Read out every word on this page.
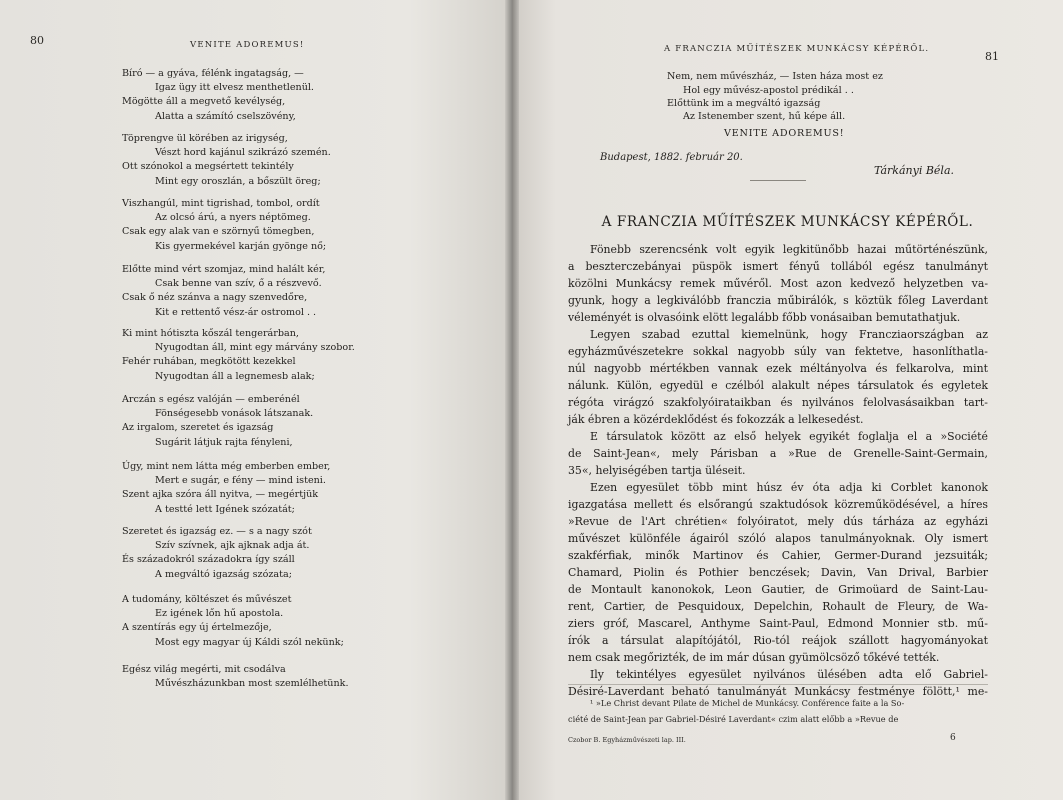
80	VENITE ADOREMUS!
Bíró — a gyáva, félénk ingatagság, —
Igaz ügy itt elvesz menthetlenül.
Mögötte áll a megvető kevélység,
Alatta a számító cselszövény,
Töprengve ül körében az irigység,
Vészt hord kajánul szikrázó szemén.
Ott szónokol a megsértett tekintély
Mint egy oroszlán, a bőszült öreg;
Viszhangúl, mint tigrishad, tombol, ordít
Az olcsó árú, a nyers néptömeg.
Csak egy alak van e szörnyű tömegben,
Kis gyermekével karján gyönge nő;
Előtte mind vért szomjaz, mind halált kér,
Csak benne van szív, ő a részvevő.
Csak ő néz szánva a nagy szenvedőre,
Kit e rettentő vész-ár ostromol . .
Ki mint hótiszta kőszál tengerárban,
Nyugodtan áll, mint egy márvány szobor.
Fehér ruhában, megkötött kezekkel
Nyugodtan áll a legnemesb alak;
Arczán s egész valóján — emberénél
Fönségesebb vonások látszanak.
Az irgalom, szeretet és igazság
Sugárit látjuk rajta fényleni,
Úgy, mint nem látta még emberben ember,
Mert e sugár, e fény — mind isteni.
Szent ajka szóra áll nyitva, — megértjük
A testté lett Igének szózatát;
Szeretet és igazság ez. — s a nagy szót
Szív szívnek, ajk ajknak adja át.
És századokról századokra így száll
A megváltó igazság szózata;
A tudomány, költészet és művészet
Ez igének lőn hű apostola.
A szentírás egy új értelmezője,
Most egy magyar új Káldi szól nekünk;
Egész világ megérti, mit csodálva
Művészházunkban most szemlélhetünk.
A FRANCZIA MŰÍTÉSZEK MUNKÁCSY KÉPÉRŐL.
81
Nem, nem művészház, — Isten háza most ez
Hol egy művész-apostol prédikál . .
Előttünk im a megváltó igazság
Az Istenember szent, hű képe áll.
VENITE ADOREMUS!
Budapest, 1882. február 20.
Tárkányi Béla.
A FRANCZIA MŰÍTÉSZEK MUNKÁCSY KÉPÉRŐL.
Fönebb szerencsénk volt egyik legkitünőbb hazai műtörténészünk,
a beszterczebányai püspök ismert fényű tollából egész tanulmányt
közölni Munkácsy remek művéről. Most azon kedvező helyzetben va-
gyunk, hogy a legkiválóbb franczia műbirálók, s köztük főleg Laverdant
véleményét is olvasóink elött legalább főbb vonásaiban bemutathatjuk.
Legyen szabad ezuttal kiemelnünk, hogy Francziaországban az
egyházművészetekre sokkal nagyobb súly van fektetve, hasonlíthatla-
núl nagyobb mértékben vannak ezek méltányolva és felkarolva, mint
nálunk. Külön, egyedül e czélból alakult népes társulatok és egyletek
régóta virágzó szakfolyóirataikban és nyilvános felolvasásaikban tart-
ják ébren a közérdeklődést és fokozzák a lelkesedést.
E társulatok között az első helyek egyikét foglalja el a »Société
de Saint-Jean«, mely Párisban a »Rue de Grenelle-Saint-Germain,
35«, helyiségében tartja üléseit.
Ezen egyesület több mint húsz év óta adja ki Corblet kanonok
igazgatása mellett és elsőrangú szaktudósok közreműködésével, a híres
»Revue de l'Art chrétien« folyóiratot, mely dús tárháza az egyházi
művészet különféle ágairól szóló alapos tanulmányoknak. Oly ismert
szakférfiak, minők Martinov és Cahier, Germer-Durand jezsuiták;
Chamard, Piolin és Pothier benczések; Davin, Van Drival, Barbier
de Montault kanonokok, Leon Gautier, de Grimoüard de Saint-Lau-
rent, Cartier, de Pesquidoux, Depelchin, Rohault de Fleury, de Wa-
ziers gróf, Mascarel, Anthyme Saint-Paul, Edmond Monnier stb. mű-
írók a társulat alapítójától, Rio-tól reájok szállott hagyományokat
nem csak megőrizték, de im már dúsan gyümölcsöző tőkévé tették.
Ily tekintélyes egyesület nyilvános ülésében adta elő Gabriel-
Désiré-Laverdant beható tanulmányát Munkácsy festménye fölött,¹ me-
¹ »Le Christ devant Pilate de Michel de Munkácsy. Conférence faite a la So-
ciété de Saint-Jean par Gabriel-Désiré Laverdant« czim alatt előbb a »Revue de
Czobor B. Egyházművészeti lap. III.	6
